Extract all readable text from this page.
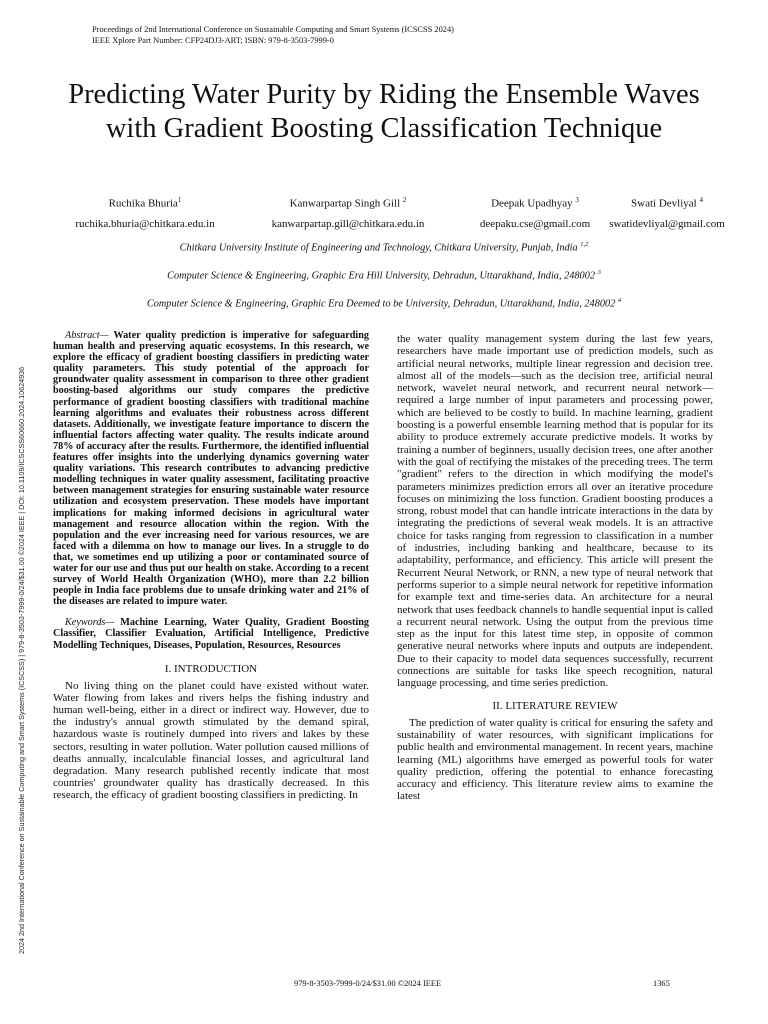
Proceedings of 2nd International Conference on Sustainable Computing and Smart Systems (ICSCSS 2024)
IEEE Xplore Part Number: CFP24DJ3-ART; ISBN: 979-8-3503-7999-0
2024 2nd International Conference on Sustainable Computing and Smart Systems (ICSCSS) | 979-8-3503-7999-0/24/$31.00 ©2024 IEEE | DOI: 10.1109/ICSCSS60660.2024.10624936
Predicting Water Purity by Riding the Ensemble Waves with Gradient Boosting Classification Technique
Ruchika Bhuria$^1$
ruchika.bhuria@chitkara.edu.in
Kanwarpartap Singh Gill $^2$
kanwarpartap.gill@chitkara.edu.in
Deepak Upadhyay $^3$
deepaku.cse@gmail.com
Swati Devliyal $^4$
swatidevliyal@gmail.com
Chitkara University Institute of Engineering and Technology, Chitkara University, Punjab, India $^{1,2}$
Computer Science & Engineering, Graphic Era Hill University, Dehradun, Uttarakhand, India, 248002 $^3$
Computer Science & Engineering, Graphic Era Deemed to be University, Dehradun, Uttarakhand, India, 248002 $^4$

Abstract— Water quality prediction is imperative for safeguarding human health and preserving aquatic ecosystems. In this research, we explore the efficacy of gradient boosting classifiers in predicting water quality parameters. This study potential of the approach for groundwater quality assessment in comparison to three other gradient boosting-based algorithms our study compares the predictive performance of gradient boosting classifiers with traditional machine learning algorithms and evaluates their robustness across different datasets. Additionally, we investigate feature importance to discern the influential factors affecting water quality. The results indicate around 78% of accuracy after the results. Furthermore, the identified influential features offer insights into the underlying dynamics governing water quality variations. This research contributes to advancing predictive modelling techniques in water quality assessment, facilitating proactive between management strategies for ensuring sustainable water resource utilization and ecosystem preservation. These models have important implications for making informed decisions in agricultural water management and resource allocation within the region. With the population and the ever increasing need for various resources, we are faced with a dilemma on how to manage our lives. In a struggle to do that, we sometimes end up utilizing a poor or contaminated source of water for our use and thus put our health on stake. According to a recent survey of World Health Organization (WHO), more than 2.2 billion people in India face problems due to unsafe drinking water and 21% of the diseases are related to impure water.

Keywords— Machine Learning, Water Quality, Gradient Boosting Classifier, Classifier Evaluation, Artificial Intelligence, Predictive Modelling Techniques, Diseases, Population, Resources, Resources

I. INTRODUCTION

No living thing on the planet could have existed without water. Water flowing from lakes and rivers helps the fishing industry and human well-being, either in a direct or indirect way. However, due to the industry's annual growth stimulated by the demand spiral, hazardous waste is routinely dumped into rivers and lakes by these sectors, resulting in water pollution. Water pollution caused millions of deaths annually, incalculable financial losses, and agricultural land degradation. Many research published recently indicate that most countries' groundwater quality has drastically decreased. In this research, the efficacy of gradient boosting classifiers in predicting. In

the water quality management system during the last few years, researchers have made important use of prediction models, such as artificial neural networks, multiple linear regression and decision tree. almost all of the models—such as the decision tree, artificial neural network, wavelet neural network, and recurrent neural network—required a large number of input parameters and processing power, which are believed to be costly to build. In machine learning, gradient boosting is a powerful ensemble learning method that is popular for its ability to produce extremely accurate predictive models. It works by training a number of beginners, usually decision trees, one after another with the goal of rectifying the mistakes of the preceding trees. The term "gradient" refers to the direction in which modifying the model's parameters minimizes prediction errors all over an iterative procedure focuses on minimizing the loss function. Gradient boosting produces a strong, robust model that can handle intricate interactions in the data by integrating the predictions of several weak models. It is an attractive choice for tasks ranging from regression to classification in a number of industries, including banking and healthcare, because to its adaptability, performance, and efficiency. This article will present the Recurrent Neural Network, or RNN, a new type of neural network that performs superior to a simple neural network for repetitive information for example text and time-series data. An architecture for a neural network that uses feedback channels to handle sequential input is called a recurrent neural network. Using the output from the previous time step as the input for this latest time step, in opposite of common generative neural networks where inputs and outputs are independent. Due to their capacity to model data sequences successfully, recurrent connections are suitable for tasks like speech recognition, natural language processing, and time series prediction.

II. LITERATURE REVIEW

The prediction of water quality is critical for ensuring the safety and sustainability of water resources, with significant implications for public health and environmental management. In recent years, machine learning (ML) algorithms have emerged as powerful tools for water quality prediction, offering the potential to enhance forecasting accuracy and efficiency. This literature review aims to examine the latest

979-8-3503-7999-0/24/$31.00 ©2024 IEEE	1365
